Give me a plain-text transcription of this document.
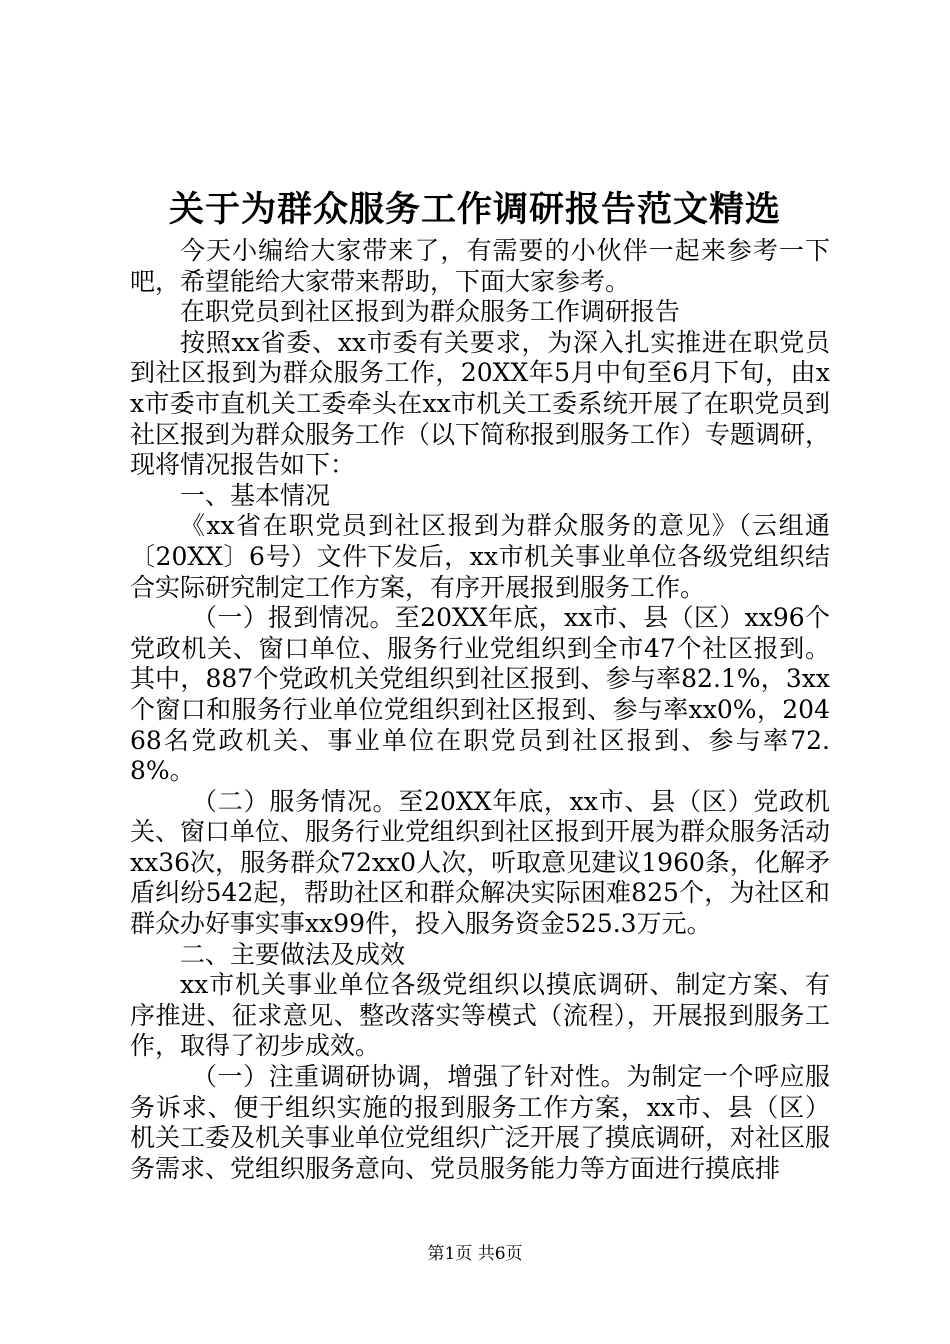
关于为群众服务工作调研报告范文精选

今天小编给大家带来了，有需要的小伙伴一起来参考一下吧，希望能给大家带来帮助，下面大家参考。

在职党员到社区报到为群众服务工作调研报告

按照xx省委、xx市委有关要求，为深入扎实推进在职党员到社区报到为群众服务工作，20XX年5月中旬至6月下旬，由xx市委市直机关工委牵头在xx市机关工委系统开展了在职党员到社区报到为群众服务工作（以下简称报到服务工作）专题调研，现将情况报告如下：

一、基本情况

《xx省在职党员到社区报到为群众服务的意见》（云组通〔20XX〕6号）文件下发后，xx市机关事业单位各级党组织结合实际研究制定工作方案，有序开展报到服务工作。

（一）报到情况。至20XX年底，xx市、县（区）xx96个党政机关、窗口单位、服务行业党组织到全市47个社区报到。其中，887个党政机关党组织到社区报到、参与率82.1%，3xx个窗口和服务行业单位党组织到社区报到、参与率xx0%，20468名党政机关、事业单位在职党员到社区报到、参与率72.8%。

（二）服务情况。至20XX年底，xx市、县（区）党政机关、窗口单位、服务行业党组织到社区报到开展为群众服务活动xx36次，服务群众72xx0人次，听取意见建议1960条，化解矛盾纠纷542起，帮助社区和群众解决实际困难825个，为社区和群众办好事实事xx99件，投入服务资金525.3万元。

二、主要做法及成效

xx市机关事业单位各级党组织以摸底调研、制定方案、有序推进、征求意见、整改落实等模式（流程），开展报到服务工作，取得了初步成效。

（一）注重调研协调，增强了针对性。为制定一个呼应服务诉求、便于组织实施的报到服务工作方案，xx市、县（区）机关工委及机关事业单位党组织广泛开展了摸底调研，对社区服务需求、党组织服务意向、党员服务能力等方面进行摸底排

第1页 共6页
